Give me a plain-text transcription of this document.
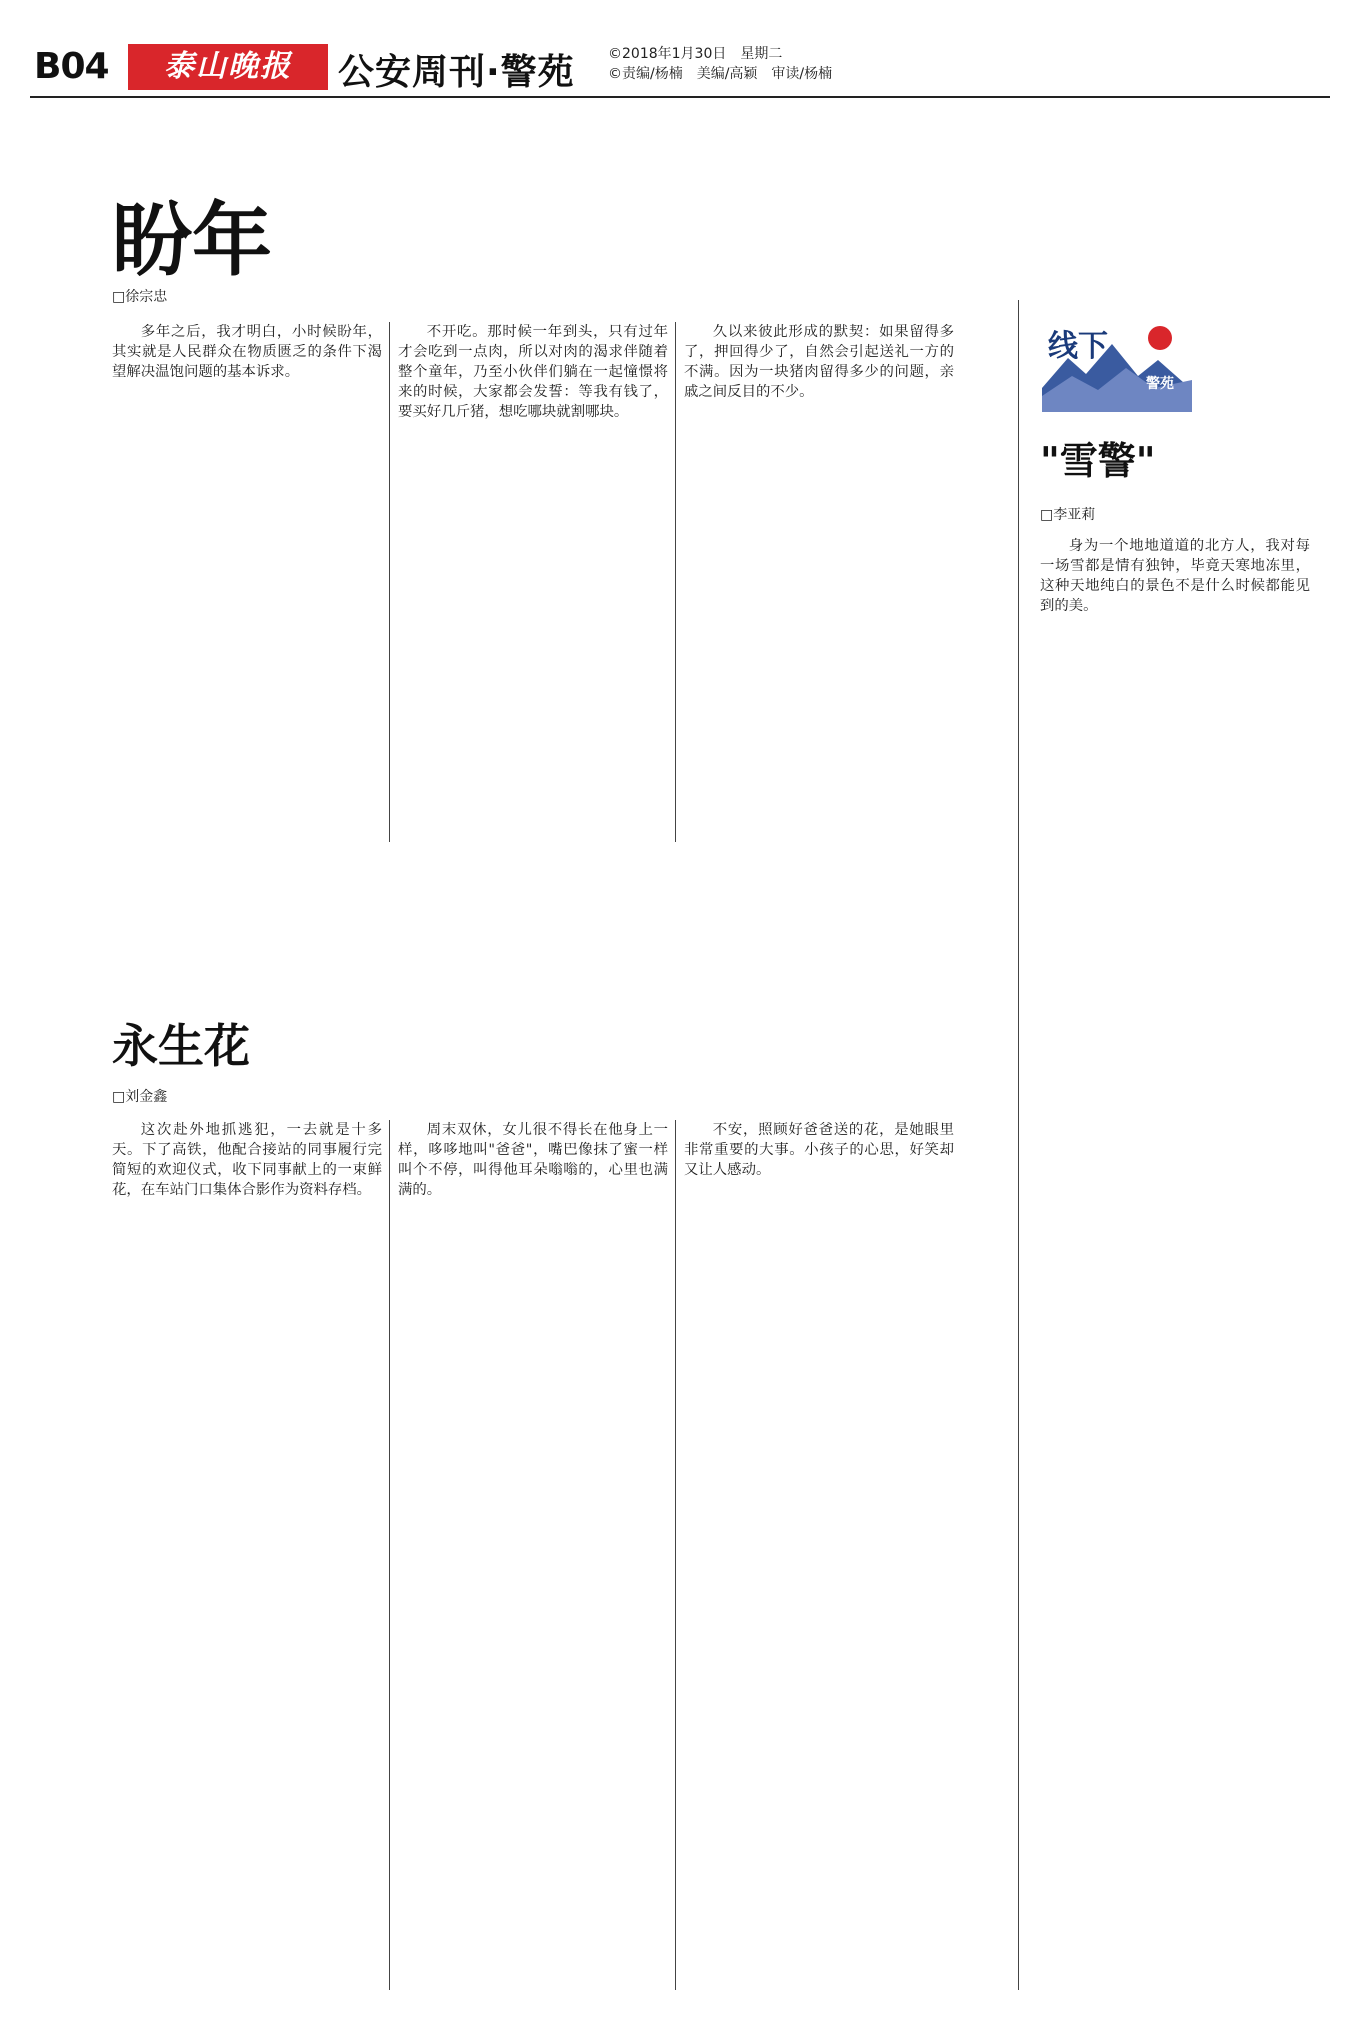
B04	泰山晚报	公安周刊·警苑 ©2018年1月30日　星期二
©责编/杨楠　美编/高颖　审读/杨楠
盼年
□徐宗忠

多年之后，我才明白，小时候盼年，其实就是人民群众在物质匮乏的条件下渴望解决温饱问题的基本诉求。

不开吃。那时候一年到头，只有过年才会吃到一点肉，所以对肉的渴求伴随着整个童年，乃至小伙伴们躺在一起憧憬将来的时候，大家都会发誓：等我有钱了，要买好几斤猪，想吃哪块就割哪块。

久以来彼此形成的默契：如果留得多了，押回得少了，自然会引起送礼一方的不满。因为一块猪肉留得多少的问题，亲戚之间反目的不少。

永生花
□刘金鑫

这次赴外地抓逃犯，一去就是十多天。下了高铁，他配合接站的同事履行完简短的欢迎仪式，收下同事献上的一束鲜花，在车站门口集体合影作为资料存档。

周末双休，女儿很不得长在他身上一样，哆哆地叫"爸爸"，嘴巴像抹了蜜一样叫个不停，叫得他耳朵嗡嗡的，心里也满满的。

不安，照顾好爸爸送的花，是她眼里非常重要的大事。小孩子的心思，好笑却又让人感动。

线下
警苑
"雪警"
□李亚莉

身为一个地地道道的北方人，我对每一场雪都是情有独钟，毕竟天寒地冻里，这种天地纯白的景色不是什么时候都能见到的美。
